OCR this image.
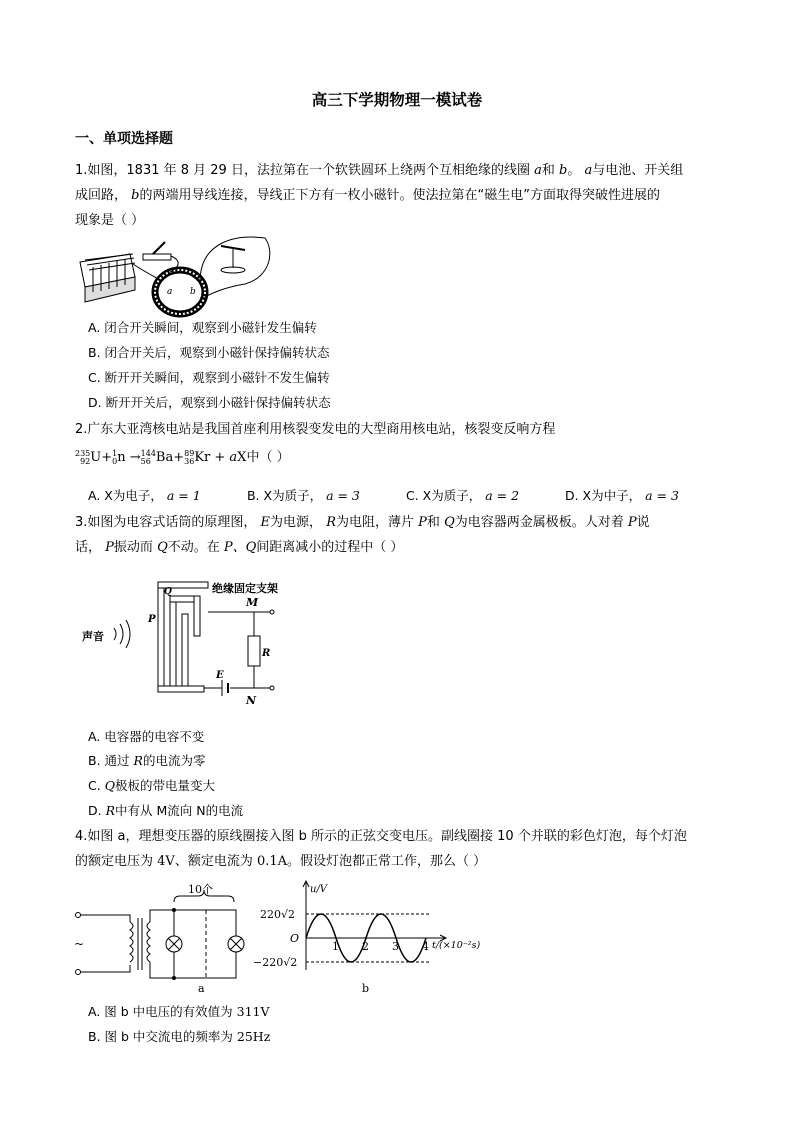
高三下学期物理一模试卷
一、单项选择题
1.如图，1831 年 8 月 29 日，法拉第在一个软铁圆环上绕两个互相绝缘的线圈 a和 b。 a与电池、开关组
成回路， b的两端用导线连接，导线正下方有一枚小磁针。使法拉第在“磁生电”方面取得突破性进展的
现象是（ ）
a b
A. 闭合开关瞬间，观察到小磁针发生偏转
B. 闭合开关后，观察到小磁针保持偏转状态
C. 断开开关瞬间，观察到小磁针不发生偏转
D. 断开开关后，观察到小磁针保持偏转状态
2.广东大亚湾核电站是我国首座利用核裂变发电的大型商用核电站，核裂变反响方程
235
92U+1
0n →144
56 Ba+89
36Kr + aX中（ ）
A. X为电子， a = 1	B. X为质子， a = 3	C. X为质子， a = 2	D. X为中子， a = 3
3.如图为电容式话筒的原理图， E为电源， R为电阻，薄片 P和 Q为电容器两金属极板。人对着 P说
话， P振动而 Q不动。在 P、Q间距离减小的过程中（ ）
声音
P
Q	绝缘固定支架
M
R
E
N
A. 电容器的电容不变
B. 通过 R的电流为零
C. Q极板的带电量变大
D. R中有从 M流向 N的电流
4.如图 a，理想变压器的原线圈接入图 b 所示的正弦交变电压。副线圈接 10 个并联的彩色灯泡，每个灯泡
的额定电压为 4V、额定电流为 0.1A。假设灯泡都正常工作，那么（ ）
10个
~
a
u/V
O
220√2
−220√2
1 2 3 4 t/(×10⁻²s)
b
A. 图 b 中电压的有效值为 311V
B. 图 b 中交流电的频率为 25Hz
